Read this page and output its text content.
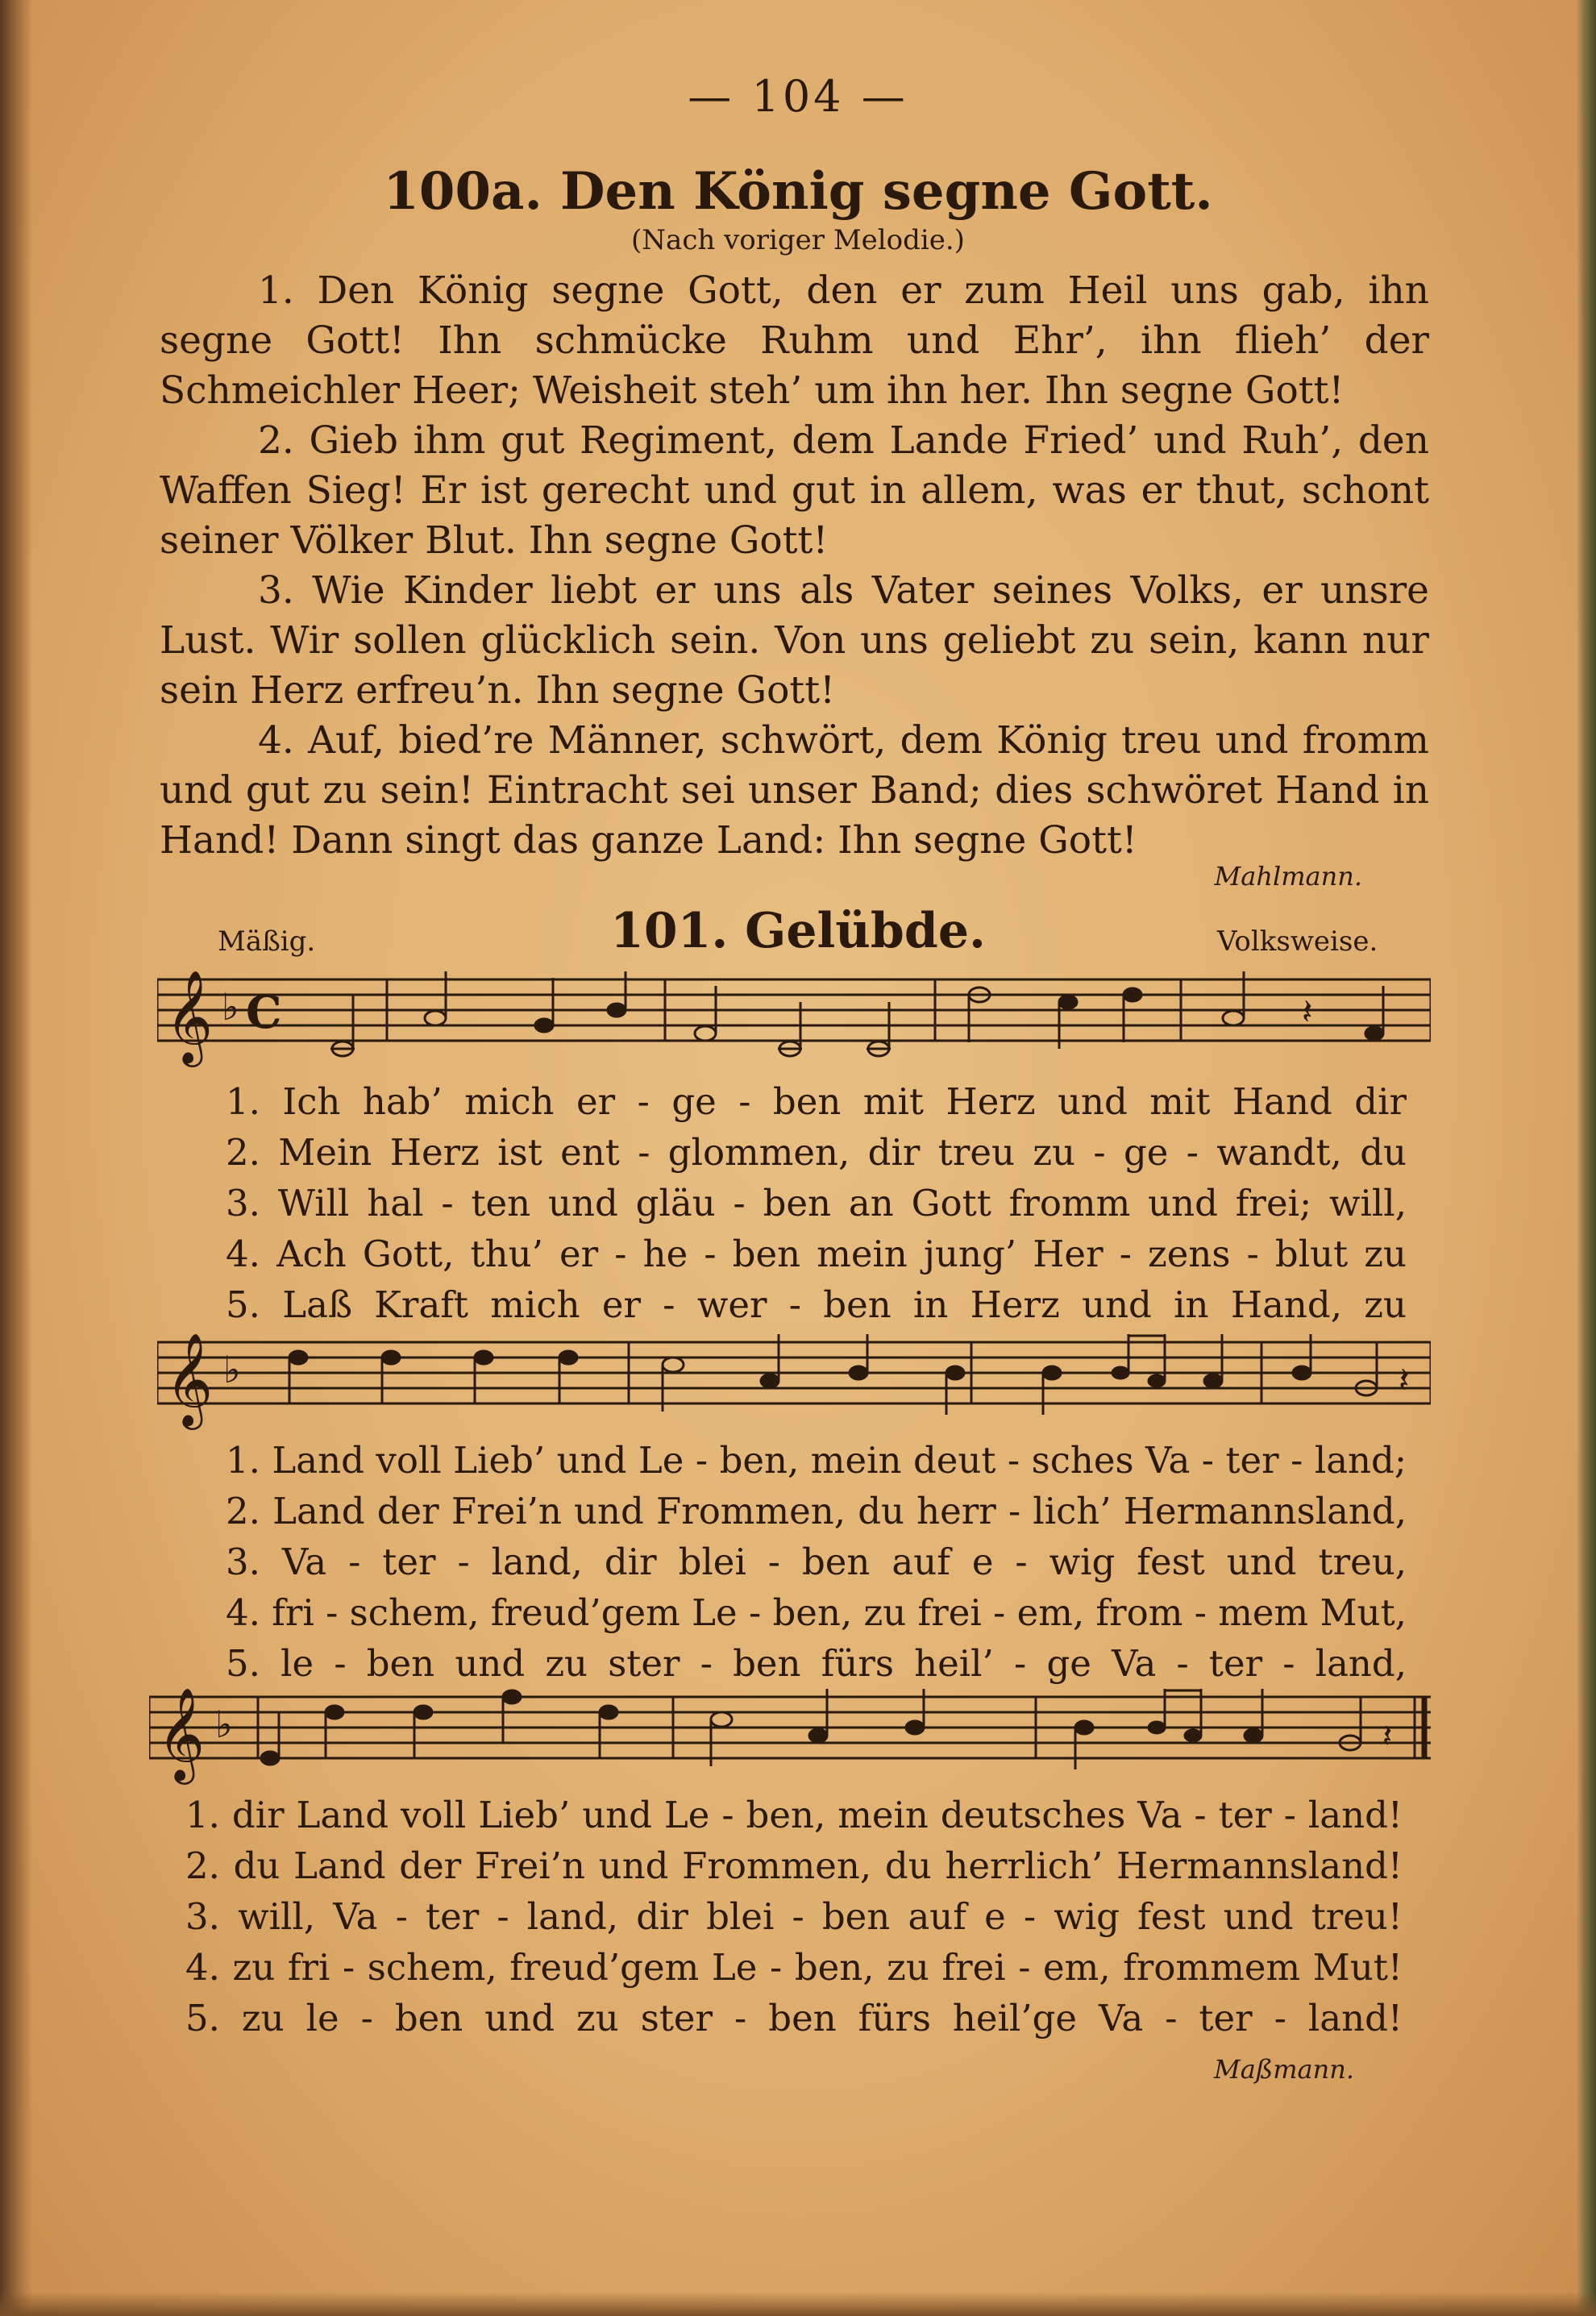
— 104 —
100a. Den König segne Gott.
(Nach voriger Melodie.)

1. Den König segne Gott, den er zum Heil uns gab, ihn segne Gott! Ihn schmücke Ruhm und Ehr’, ihn flieh’ der Schmeichler Heer; Weisheit steh’ um ihn her. Ihn segne Gott!

2. Gieb ihm gut Regiment, dem Lande Fried’ und Ruh’, den Waffen Sieg! Er ist gerecht und gut in allem, was er thut, schont seiner Völker Blut. Ihn segne Gott!

3. Wie Kinder liebt er uns als Vater seines Volks, er unsre Lust. Wir sollen glücklich sein. Von uns geliebt zu sein, kann nur sein Herz erfreu’n. Ihn segne Gott!

4. Auf, bied’re Männer, schwört, dem König treu und fromm und gut zu sein! Eintracht sei unser Band; dies schwöret Hand in Hand! Dann singt das ganze Land: Ihn segne Gott!

Mahlmann.
Mäßig.	101. Gelübde.	Volksweise.
𝄞 ♭ C	𝄽
1. Ich hab’ mich er - ge - ben mit Herz und mit Hand dir
2. Mein Herz ist ent - glommen, dir treu zu - ge - wandt, du
3. Will hal - ten und gläu - ben an Gott fromm und frei; will,
4. Ach Gott, thu’ er - he - ben mein jung’ Her - zens - blut zu
5. Laß Kraft mich er - wer - ben in Herz und in Hand, zu
𝄞 ♭	𝄽
1. Land voll Lieb’ und Le - ben, mein deut - sches Va - ter - land;
2. Land der Frei’n und Frommen, du herr - lich’ Hermannsland,
3. Va - ter - land, dir blei - ben auf e - wig fest und treu,
4. fri - schem, freud’gem Le - ben, zu frei - em, from - mem Mut,
5. le - ben und zu ster - ben fürs heil’ - ge Va - ter - land,
𝄞 ♭	𝄽
1. dir Land voll Lieb’ und Le - ben, mein deutsches Va - ter - land!
2. du Land der Frei’n und Frommen, du herrlich’ Hermannsland!
3. will, Va - ter - land, dir blei - ben auf e - wig fest und treu!
4. zu fri - schem, freud’gem Le - ben, zu frei - em, frommem Mut!
5. zu le - ben und zu ster - ben fürs heil’ge Va - ter - land!
Maßmann.
